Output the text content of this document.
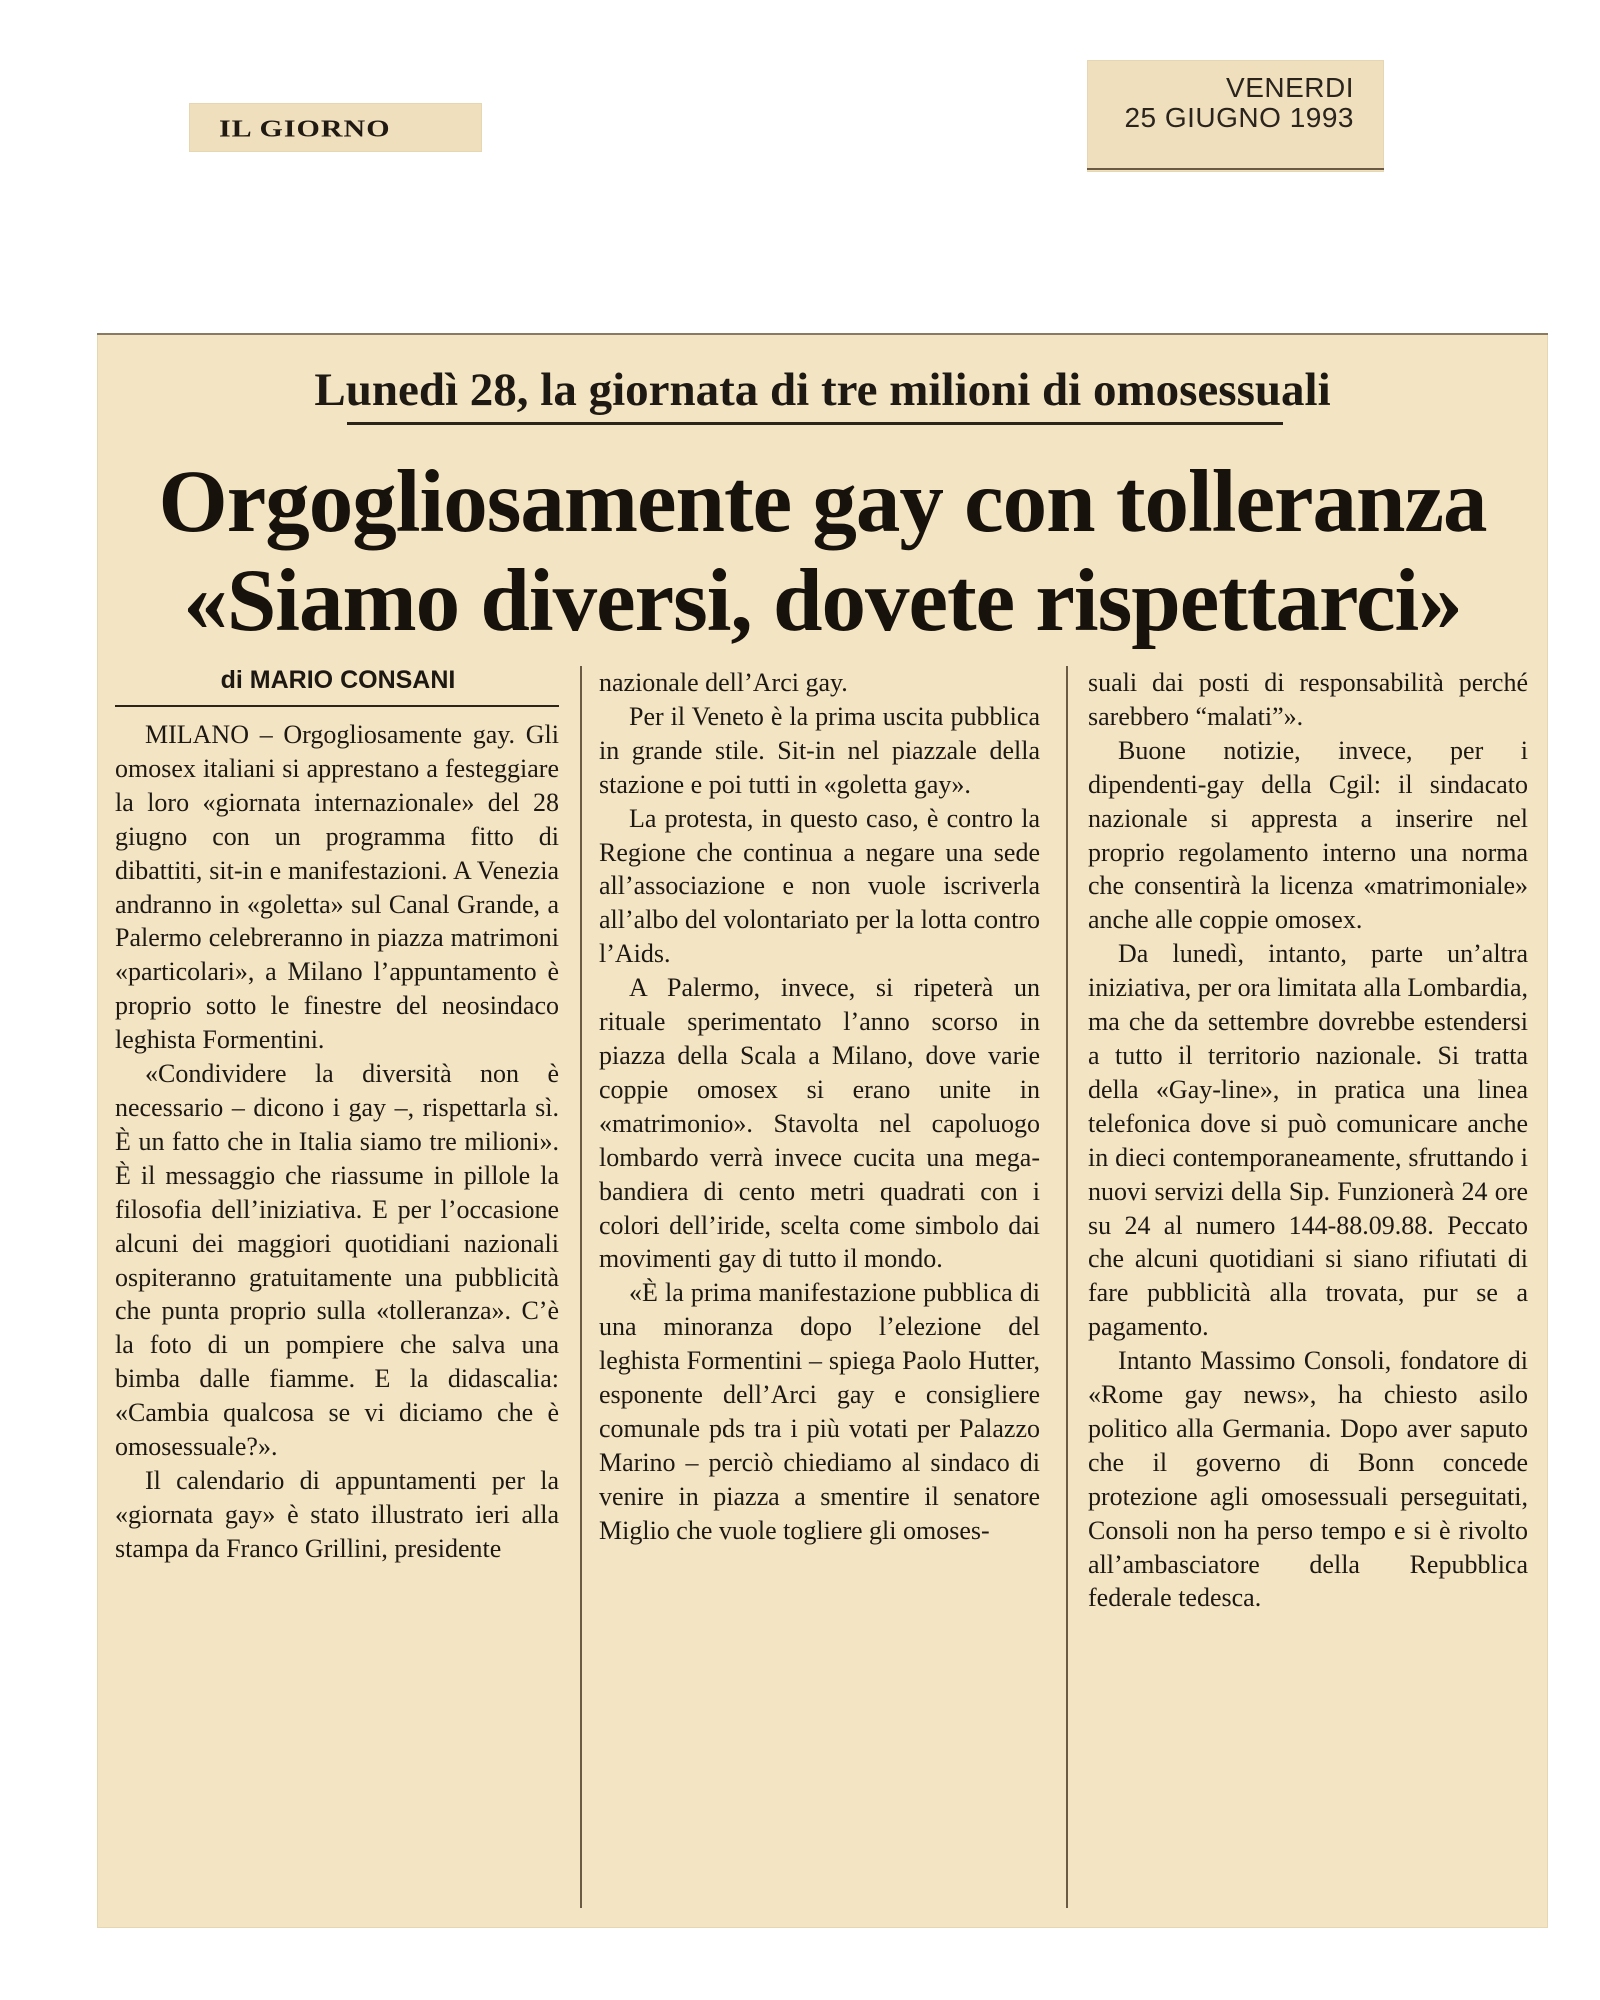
IL GIORNO
VENERDI
25 GIUGNO 1993
Lunedì 28, la giornata di tre milioni di omosessuali
Orgogliosamente gay con tolleranza
«Siamo diversi, dovete rispettarci»
di MARIO CONSANI

MILANO – Orgogliosamente gay. Gli omosex italiani si apprestano a festeggiare la loro «giornata internazionale» del 28 giugno con un programma fitto di dibattiti, sit-in e manifestazioni. A Venezia andranno in «goletta» sul Canal Grande, a Palermo celebreranno in piazza matrimoni «particolari», a Milano l’appuntamento è proprio sotto le finestre del neosindaco leghista Formentini.

«Condividere la diversità non è necessario – dicono i gay –, rispettarla sì. È un fatto che in Italia siamo tre milioni». È il messaggio che riassume in pillole la filosofia dell’iniziativa. E per l’occasione alcuni dei maggiori quotidiani nazionali ospiteranno gratuitamente una pubblicità che punta proprio sulla «tolleranza». C’è la foto di un pompiere che salva una bimba dalle fiamme. E la didascalia: «Cambia qualcosa se vi diciamo che è omosessuale?».

Il calendario di appuntamenti per la «giornata gay» è stato illustrato ieri alla stampa da Franco Grillini, presidente

nazionale dell’Arci gay.

Per il Veneto è la prima uscita pubblica in grande stile. Sit-in nel piazzale della stazione e poi tutti in «goletta gay».

La protesta, in questo caso, è contro la Regione che continua a negare una sede all’associazione e non vuole iscriverla all’albo del volontariato per la lotta contro l’Aids.

A Palermo, invece, si ripeterà un rituale sperimentato l’anno scorso in piazza della Scala a Milano, dove varie coppie omosex si erano unite in «matrimonio». Stavolta nel capoluogo lombardo verrà invece cucita una mega-bandiera di cento metri quadrati con i colori dell’iride, scelta come simbolo dai movimenti gay di tutto il mondo.

«È la prima manifestazione pubblica di una minoranza dopo l’elezione del leghista Formentini – spiega Paolo Hutter, esponente dell’Arci gay e consigliere comunale pds tra i più votati per Palazzo Marino – perciò chiediamo al sindaco di venire in piazza a smentire il senatore Miglio che vuole togliere gli omoses-

suali dai posti di responsabilità perché sarebbero “malati”».

Buone notizie, invece, per i dipendenti-gay della Cgil: il sindacato nazionale si appresta a inserire nel proprio regolamento interno una norma che consentirà la licenza «matrimoniale» anche alle coppie omosex.

Da lunedì, intanto, parte un’altra iniziativa, per ora limitata alla Lombardia, ma che da settembre dovrebbe estendersi a tutto il territorio nazionale. Si tratta della «Gay-line», in pratica una linea telefonica dove si può comunicare anche in dieci contemporaneamente, sfruttando i nuovi servizi della Sip. Funzionerà 24 ore su 24 al numero 144-88.09.88. Peccato che alcuni quotidiani si siano rifiutati di fare pubblicità alla trovata, pur se a pagamento.

Intanto Massimo Consoli, fondatore di «Rome gay news», ha chiesto asilo politico alla Germania. Dopo aver saputo che il governo di Bonn concede protezione agli omosessuali perseguitati, Consoli non ha perso tempo e si è rivolto all’ambasciatore della Repubblica federale tedesca.
